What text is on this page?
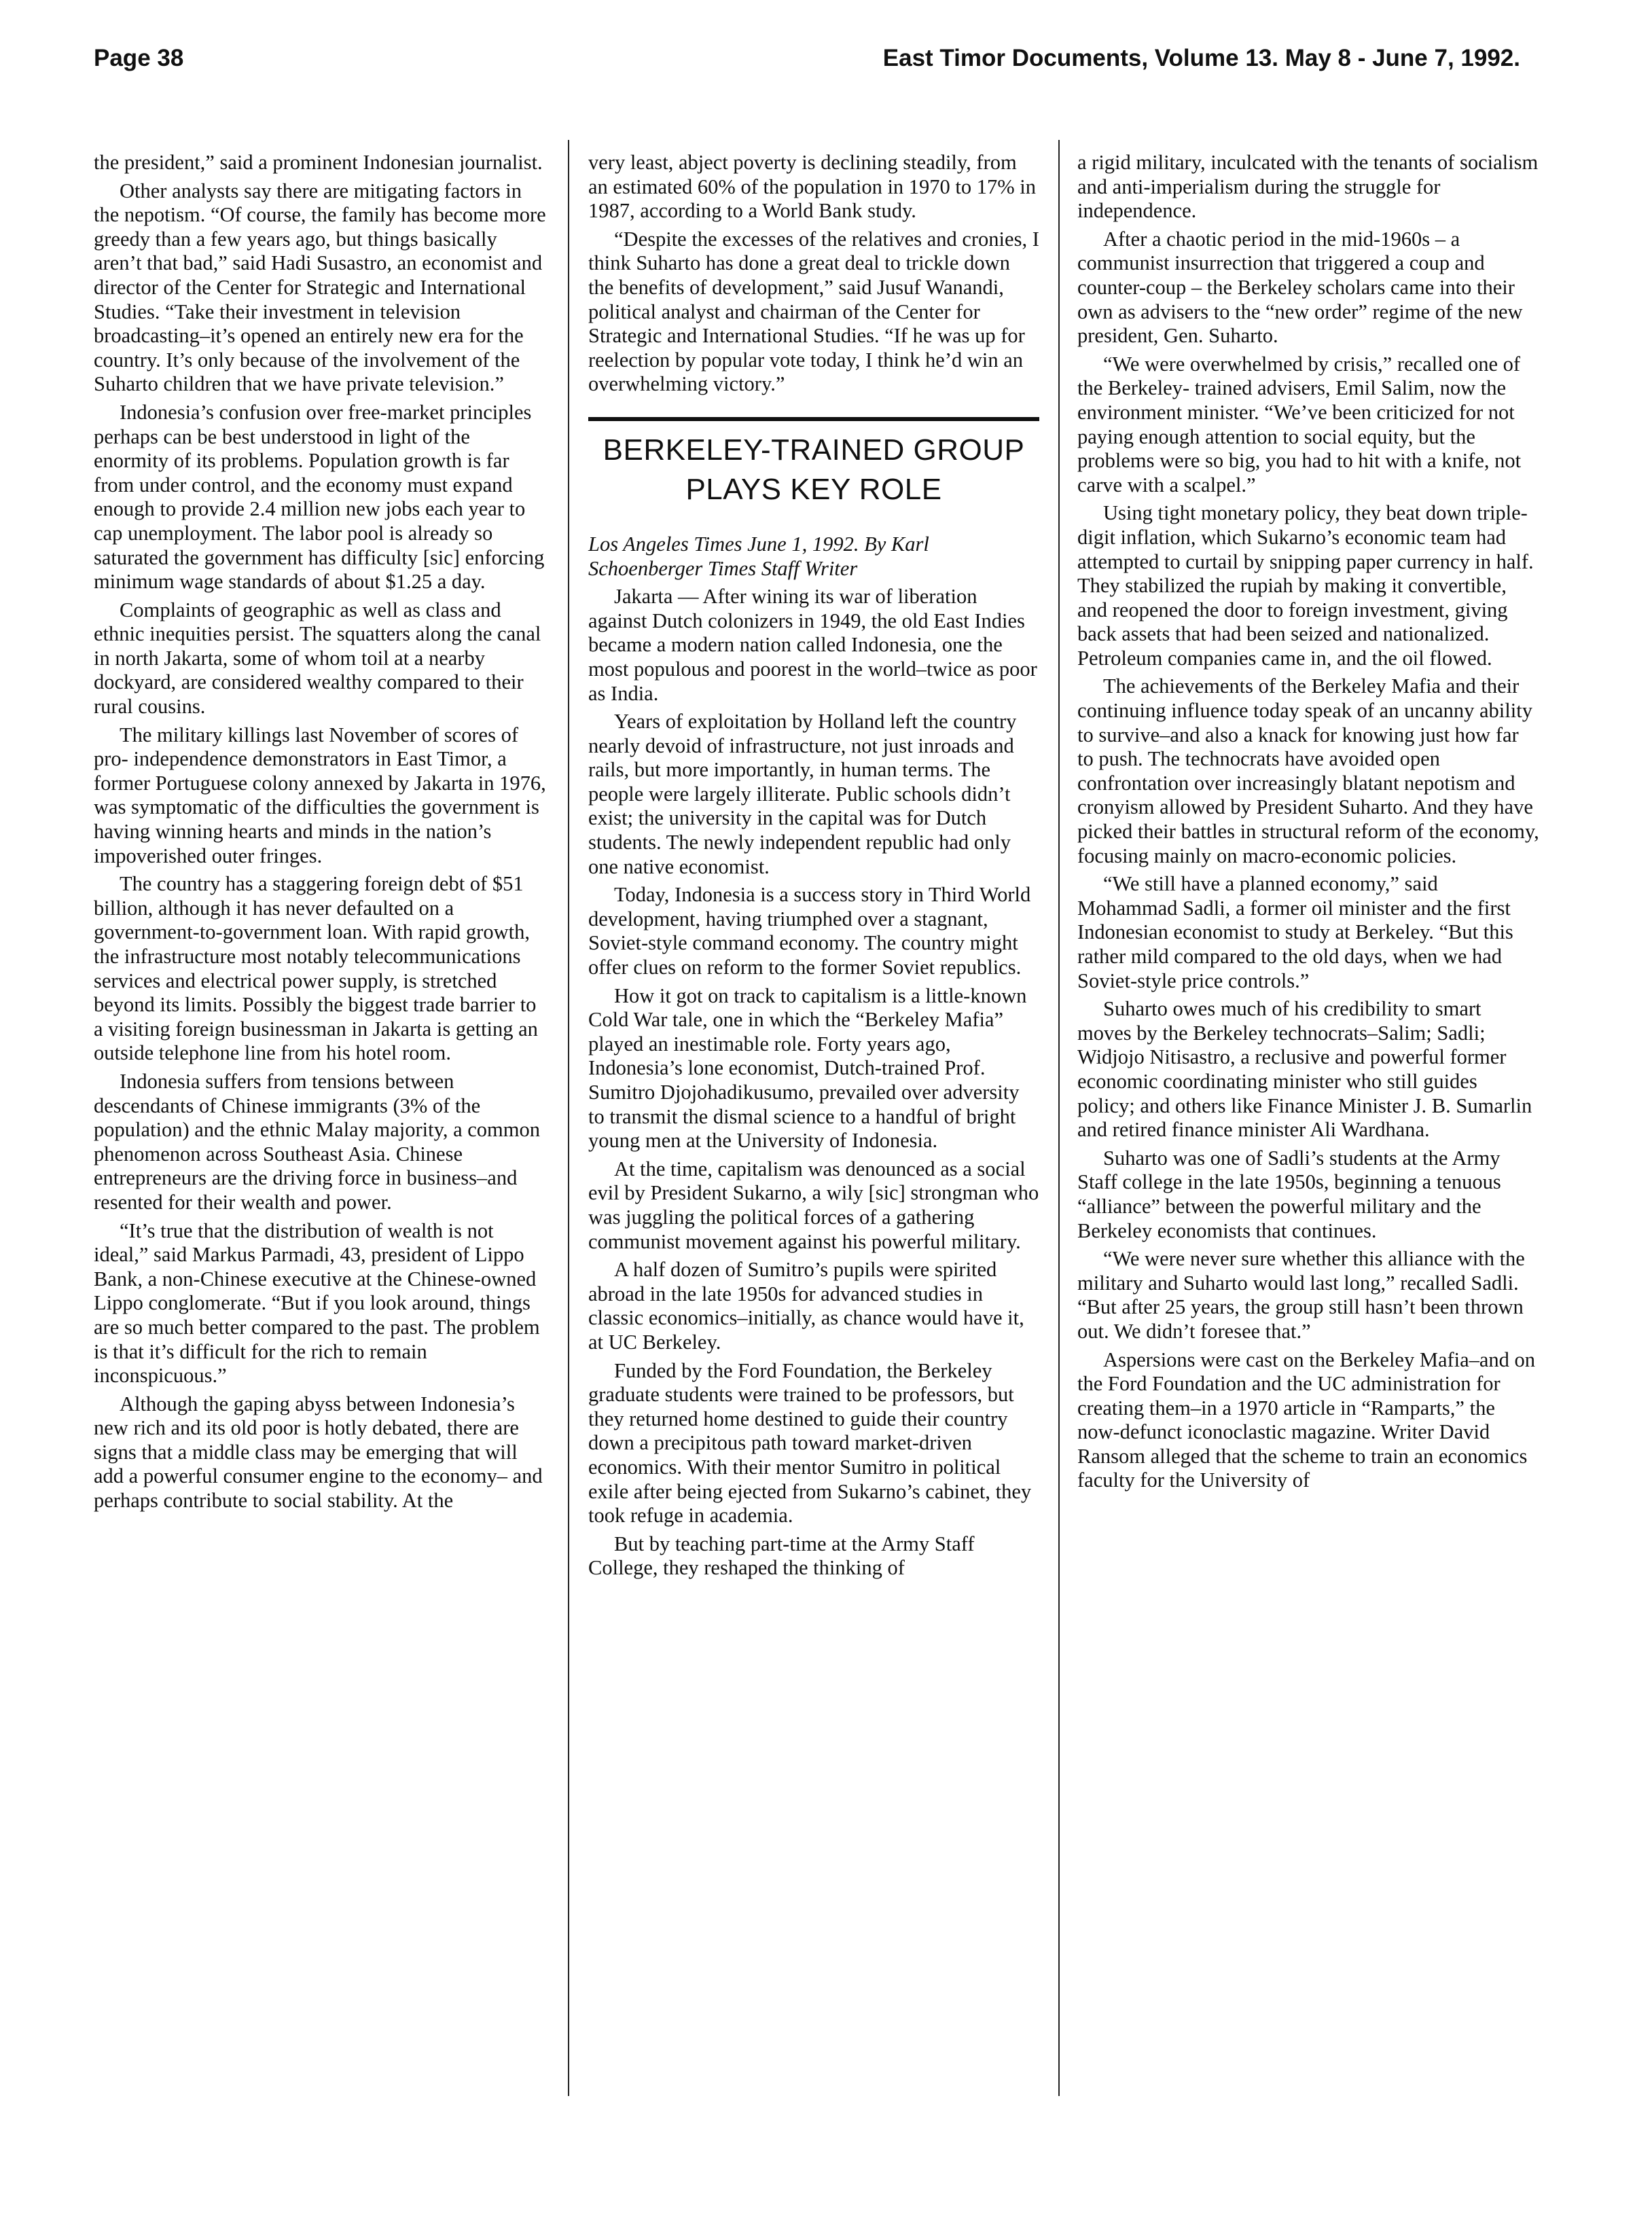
Page 38	East Timor Documents, Volume 13. May 8 - June 7, 1992.

the president,” said a prominent Indonesian journalist.

Other analysts say there are mitigating factors in the nepotism. “Of course, the family has become more greedy than a few years ago, but things basically aren’t that bad,” said Hadi Susastro, an economist and director of the Center for Strategic and International Studies. “Take their investment in television broadcasting–it’s opened an entirely new era for the country. It’s only because of the involvement of the Suharto children that we have private television.”

Indonesia’s confusion over free-market principles perhaps can be best understood in light of the enormity of its problems. Population growth is far from under control, and the economy must expand enough to provide 2.4 million new jobs each year to cap unemployment. The labor pool is already so saturated the government has difficulty [sic] enforcing minimum wage standards of about $1.25 a day.

Complaints of geographic as well as class and ethnic inequities persist. The squatters along the canal in north Jakarta, some of whom toil at a nearby dockyard, are considered wealthy compared to their rural cousins.

The military killings last November of scores of pro- independence demonstrators in East Timor, a former Portuguese colony annexed by Jakarta in 1976, was symptomatic of the difficulties the government is having winning hearts and minds in the nation’s impoverished outer fringes.

The country has a staggering foreign debt of $51 billion, although it has never defaulted on a government-to-government loan. With rapid growth, the infrastructure most notably telecommunications services and electrical power supply, is stretched beyond its limits. Possibly the biggest trade barrier to a visiting foreign businessman in Jakarta is getting an outside telephone line from his hotel room.

Indonesia suffers from tensions between descendants of Chinese immigrants (3% of the population) and the ethnic Malay majority, a common phenomenon across Southeast Asia. Chinese entrepreneurs are the driving force in business–and resented for their wealth and power.

“It’s true that the distribution of wealth is not ideal,” said Markus Parmadi, 43, president of Lippo Bank, a non-Chinese executive at the Chinese-owned Lippo conglomerate. “But if you look around, things are so much better compared to the past. The problem is that it’s difficult for the rich to remain inconspicuous.”

Although the gaping abyss between Indonesia’s new rich and its old poor is hotly debated, there are signs that a middle class may be emerging that will add a powerful consumer engine to the economy– and perhaps contribute to social stability. At the

very least, abject poverty is declining steadily, from an estimated 60% of the population in 1970 to 17% in 1987, according to a World Bank study.

“Despite the excesses of the relatives and cronies, I think Suharto has done a great deal to trickle down the benefits of development,” said Jusuf Wanandi, political analyst and chairman of the Center for Strategic and International Studies. “If he was up for reelection by popular vote today, I think he’d win an overwhelming victory.”

BERKELEY-TRAINED GROUP PLAYS KEY ROLE

Los Angeles Times June 1, 1992. By Karl Schoenberger Times Staff Writer

Jakarta — After wining its war of liberation against Dutch colonizers in 1949, the old East Indies became a modern nation called Indonesia, one the most populous and poorest in the world–twice as poor as India.

Years of exploitation by Holland left the country nearly devoid of infrastructure, not just inroads and rails, but more importantly, in human terms. The people were largely illiterate. Public schools didn’t exist; the university in the capital was for Dutch students. The newly independent republic had only one native economist.

Today, Indonesia is a success story in Third World development, having triumphed over a stagnant, Soviet-style command economy. The country might offer clues on reform to the former Soviet republics.

How it got on track to capitalism is a little-known Cold War tale, one in which the “Berkeley Mafia” played an inestimable role. Forty years ago, Indonesia’s lone economist, Dutch-trained Prof. Sumitro Djojohadikusumo, prevailed over adversity to transmit the dismal science to a handful of bright young men at the University of Indonesia.

At the time, capitalism was denounced as a social evil by President Sukarno, a wily [sic] strongman who was juggling the political forces of a gathering communist movement against his powerful military.

A half dozen of Sumitro’s pupils were spirited abroad in the late 1950s for advanced studies in classic economics–initially, as chance would have it, at UC Berkeley.

Funded by the Ford Foundation, the Berkeley graduate students were trained to be professors, but they returned home destined to guide their country down a precipitous path toward market-driven economics. With their mentor Sumitro in political exile after being ejected from Sukarno’s cabinet, they took refuge in academia.

But by teaching part-time at the Army Staff College, they reshaped the thinking of

a rigid military, inculcated with the tenants of socialism and anti-imperialism during the struggle for independence.

After a chaotic period in the mid-1960s – a communist insurrection that triggered a coup and counter-coup – the Berkeley scholars came into their own as advisers to the “new order” regime of the new president, Gen. Suharto.

“We were overwhelmed by crisis,” recalled one of the Berkeley- trained advisers, Emil Salim, now the environment minister. “We’ve been criticized for not paying enough attention to social equity, but the problems were so big, you had to hit with a knife, not carve with a scalpel.”

Using tight monetary policy, they beat down triple-digit inflation, which Sukarno’s economic team had attempted to curtail by snipping paper currency in half. They stabilized the rupiah by making it convertible, and reopened the door to foreign investment, giving back assets that had been seized and nationalized. Petroleum companies came in, and the oil flowed.

The achievements of the Berkeley Mafia and their continuing influence today speak of an uncanny ability to survive–and also a knack for knowing just how far to push. The technocrats have avoided open confrontation over increasingly blatant nepotism and cronyism allowed by President Suharto. And they have picked their battles in structural reform of the economy, focusing mainly on macro-economic policies.

“We still have a planned economy,” said Mohammad Sadli, a former oil minister and the first Indonesian economist to study at Berkeley. “But this rather mild compared to the old days, when we had Soviet-style price controls.”

Suharto owes much of his credibility to smart moves by the Berkeley technocrats–Salim; Sadli; Widjojo Nitisastro, a reclusive and powerful former economic coordinating minister who still guides policy; and others like Finance Minister J. B. Sumarlin and retired finance minister Ali Wardhana.

Suharto was one of Sadli’s students at the Army Staff college in the late 1950s, beginning a tenuous “alliance” between the powerful military and the Berkeley economists that continues.

“We were never sure whether this alliance with the military and Suharto would last long,” recalled Sadli. “But after 25 years, the group still hasn’t been thrown out. We didn’t foresee that.”

Aspersions were cast on the Berkeley Mafia–and on the Ford Foundation and the UC administration for creating them–in a 1970 article in “Ramparts,” the now-defunct iconoclastic magazine. Writer David Ransom alleged that the scheme to train an economics faculty for the University of
